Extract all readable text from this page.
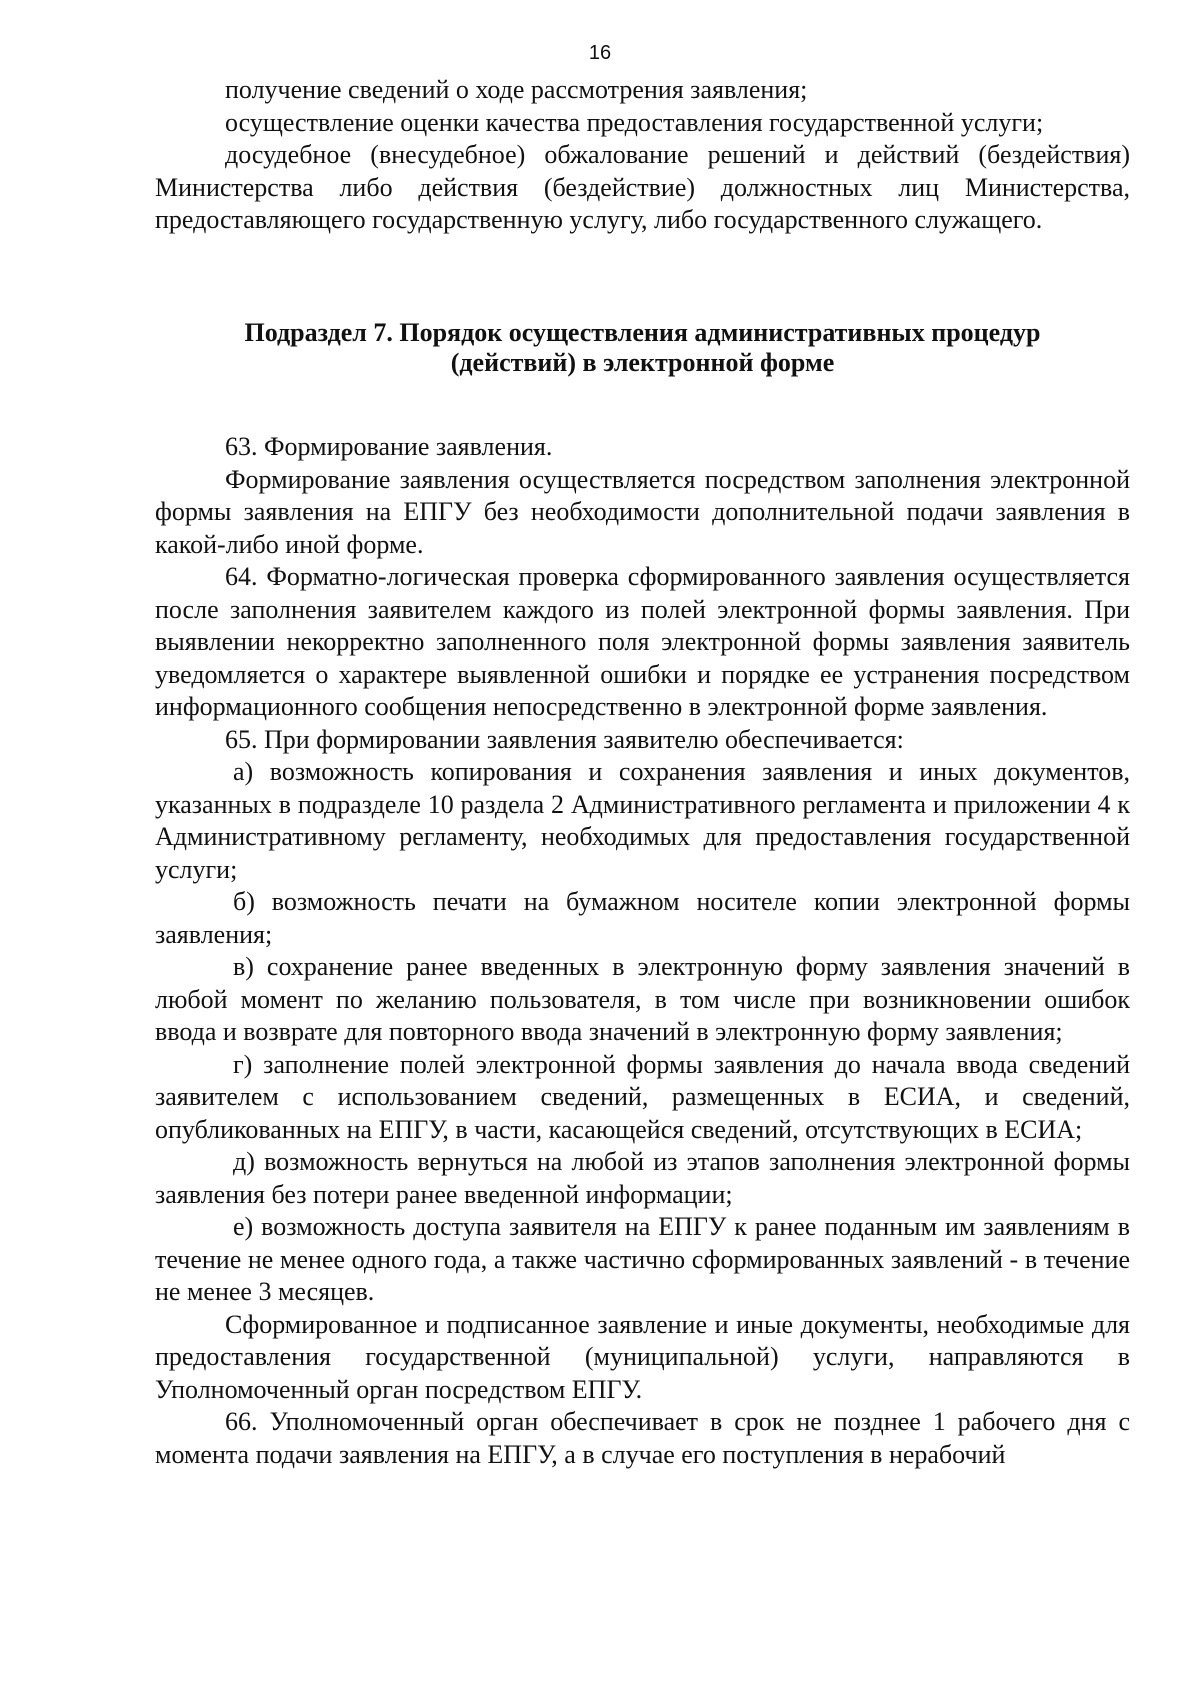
16

получение сведений о ходе рассмотрения заявления;

осуществление оценки качества предоставления государственной услуги;

досудебное (внесудебное) обжалование решений и действий (бездействия) Министерства либо действия (бездействие) должностных лиц Министерства, предоставляющего государственную услугу, либо государственного служащего.

Подраздел 7. Порядок осуществления административных процедур
(действий) в электронной форме

63. Формирование заявления.

Формирование заявления осуществляется посредством заполнения электронной формы заявления на ЕПГУ без необходимости дополнительной подачи заявления в какой-либо иной форме.

64. Форматно-логическая проверка сформированного заявления осуществляется после заполнения заявителем каждого из полей электронной формы заявления. При выявлении некорректно заполненного поля электронной формы заявления заявитель уведомляется о характере выявленной ошибки и порядке ее устранения посредством информационного сообщения непосредственно в электронной форме заявления.

65. При формировании заявления заявителю обеспечивается:

а) возможность копирования и сохранения заявления и иных документов, указанных в подразделе 10 раздела 2 Административного регламента и приложении 4 к Административному регламенту, необходимых для предоставления государственной услуги;

б) возможность печати на бумажном носителе копии электронной формы заявления;

в) сохранение ранее введенных в электронную форму заявления значений в любой момент по желанию пользователя, в том числе при возникновении ошибок ввода и возврате для повторного ввода значений в электронную форму заявления;

г) заполнение полей электронной формы заявления до начала ввода сведений заявителем с использованием сведений, размещенных в ЕСИА, и сведений, опубликованных на ЕПГУ, в части, касающейся сведений, отсутствующих в ЕСИА;

д) возможность вернуться на любой из этапов заполнения электронной формы заявления без потери ранее введенной информации;

е) возможность доступа заявителя на ЕПГУ к ранее поданным им заявлениям в течение не менее одного года, а также частично сформированных заявлений - в течение не менее 3 месяцев.

Сформированное и подписанное заявление и иные документы, необходимые для предоставления государственной (муниципальной) услуги, направляются в Уполномоченный орган посредством ЕПГУ.

66. Уполномоченный орган обеспечивает в срок не позднее 1 рабочего дня с момента подачи заявления на ЕПГУ, а в случае его поступления в нерабочий
